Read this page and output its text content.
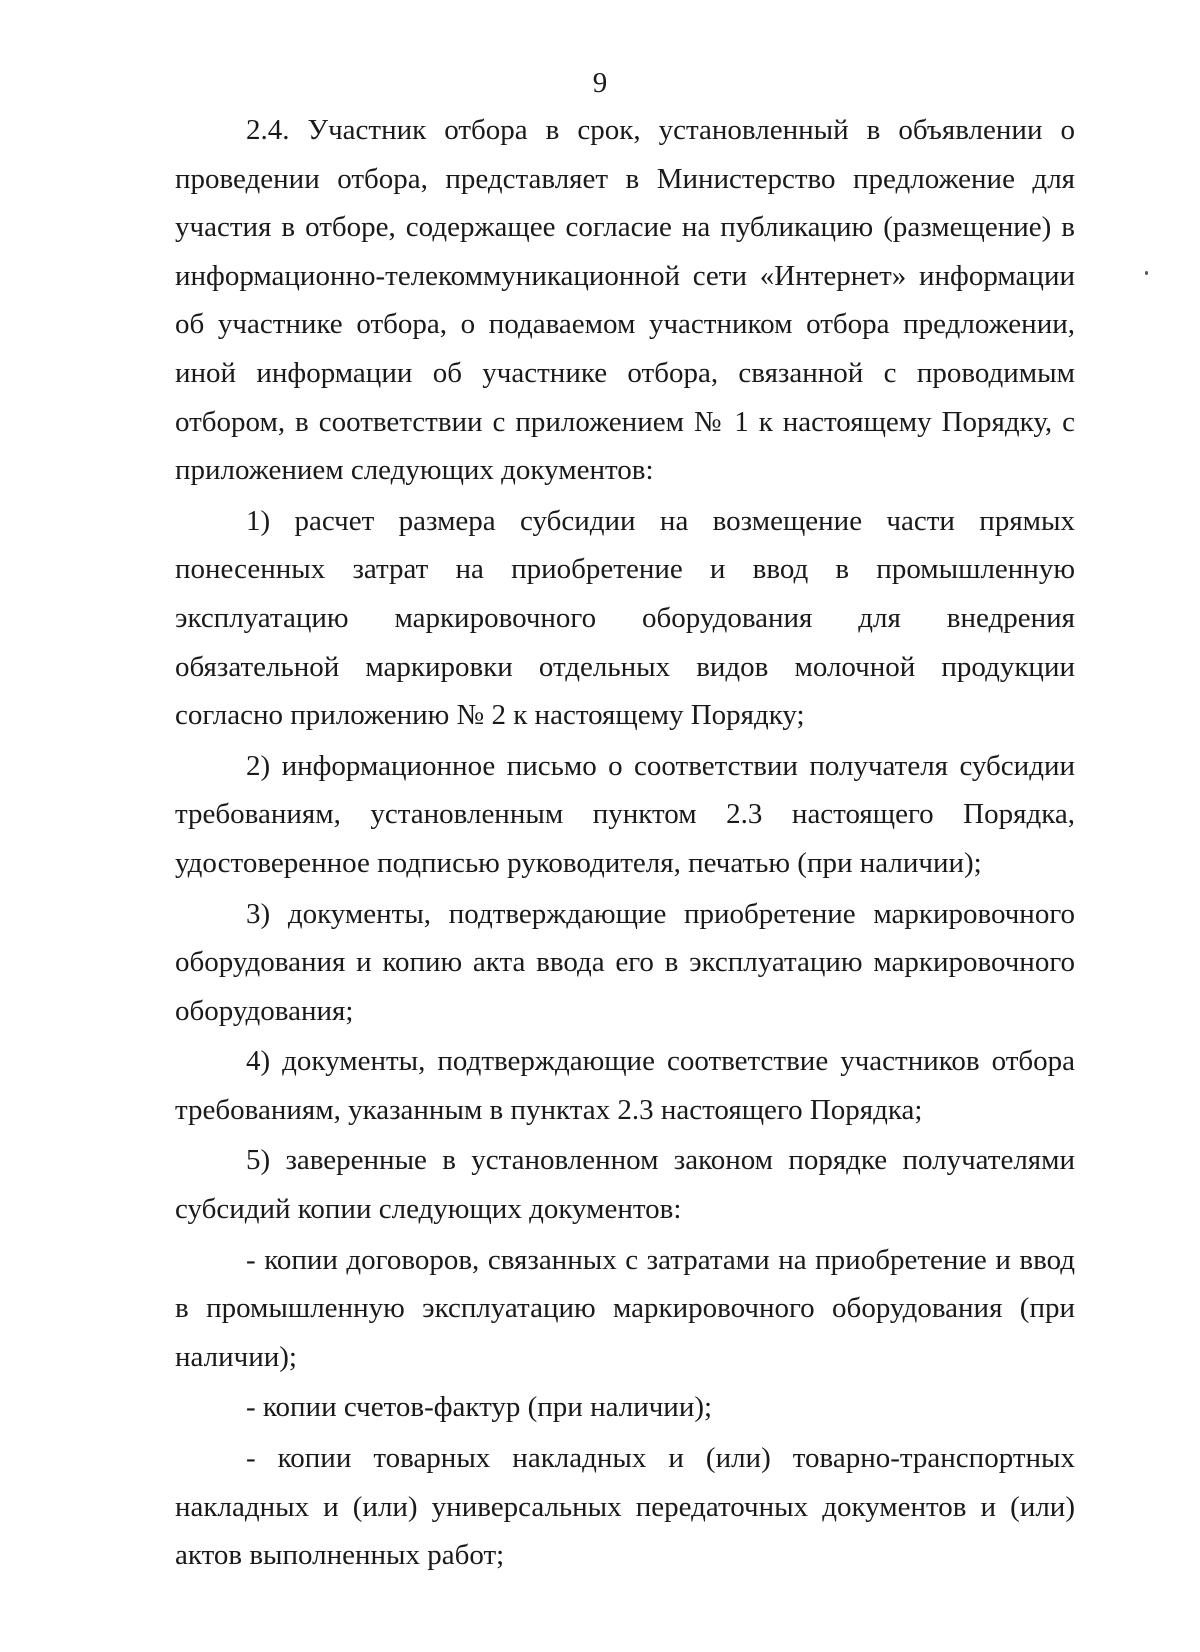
9

2.4. Участник отбора в срок, установленный в объявлении о проведении отбора, представляет в Министерство предложение для участия в отборе, содержащее согласие на публикацию (размещение) в информационно-телекоммуникационной сети «Интернет» информации об участнике отбора, о подаваемом участником отбора предложении, иной информации об участнике отбора, связанной с проводимым отбором, в соответствии с приложением № 1 к настоящему Порядку, с приложением следующих документов:

1) расчет размера субсидии на возмещение части прямых понесенных затрат на приобретение и ввод в промышленную эксплуатацию маркировочного оборудования для внедрения обязательной маркировки отдельных видов молочной продукции согласно приложению № 2 к настоящему Порядку;

2) информационное письмо о соответствии получателя субсидии требованиям, установленным пунктом 2.3 настоящего Порядка, удостоверенное подписью руководителя, печатью (при наличии);

3) документы, подтверждающие приобретение маркировочного оборудования и копию акта ввода его в эксплуатацию маркировочного оборудования;

4) документы, подтверждающие соответствие участников отбора требованиям, указанным в пунктах 2.3 настоящего Порядка;

5) заверенные в установленном законом порядке получателями субсидий копии следующих документов:

- копии договоров, связанных с затратами на приобретение и ввод в промышленную эксплуатацию маркировочного оборудования (при наличии);

- копии счетов-фактур (при наличии);

- копии товарных накладных и (или) товарно-транспортных накладных и (или) универсальных передаточных документов и (или) актов выполненных работ;
